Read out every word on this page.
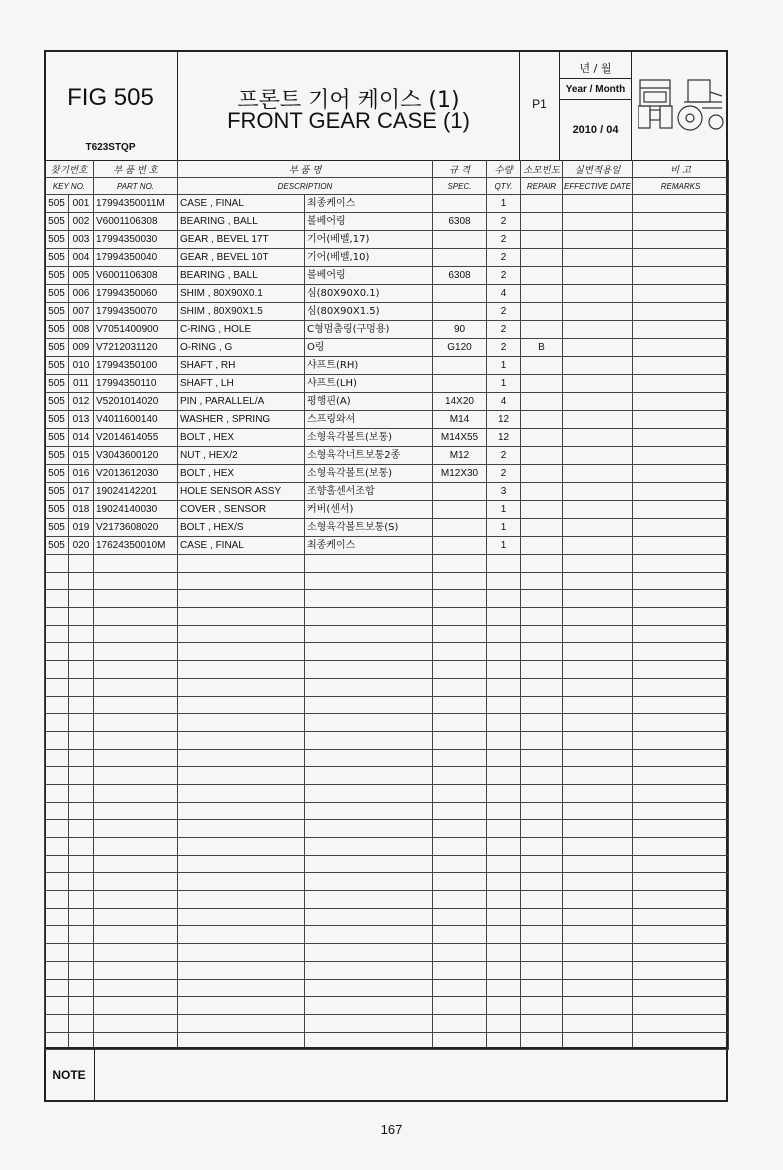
FIG 505
T623STQP
프론트 기어 케이스 (1)
FRONT GEAR CASE (1)
P1
년 / 월
Year / Month
2010 / 04
찾기번호		부 품 번 호	부 품 명		규 격	수량	소모빈도	실번적용일	비 고
KEY NO.		PART NO.	DESCRIPTION		SPEC.	QTY.	REPAIR	EFFECTIVE DATE	REMARKS
505	001	17994350011M	CASE , FINAL	최종케이스		1			
505	002	V6001106308	BEARING , BALL	볼베어링	6308	2			
505	003	17994350030	GEAR , BEVEL 17T	기어(베벨,17)		2			
505	004	17994350040	GEAR , BEVEL 10T	기어(베벨,10)		2			
505	005	V6001106308	BEARING , BALL	볼베어링	6308	2			
505	006	17994350060	SHIM , 80X90X0.1	심(80X90X0.1)		4			
505	007	17994350070	SHIM , 80X90X1.5	심(80X90X1.5)		2			
505	008	V7051400900	C-RING , HOLE	C형멈춤링(구멍용)	90	2			
505	009	V7212031120	O-RING , G	O링	G120	2	B		
505	010	17994350100	SHAFT , RH	샤프트(RH)		1			
505	011	17994350110	SHAFT , LH	샤프트(LH)		1			
505	012	V5201014020	PIN , PARALLEL/A	평행핀(A)	14X20	4			
505	013	V4011600140	WASHER , SPRING	스프링와셔	M14	12			
505	014	V2014614055	BOLT , HEX	소형육각볼트(보통)	M14X55	12			
505	015	V3043600120	NUT , HEX/2	소형육각너트보통2종	M12	2			
505	016	V2013612030	BOLT , HEX	소형육각볼트(보통)	M12X30	2			
505	017	19024142201	HOLE SENSOR ASSY	조향홀센서조합		3			
505	018	19024140030	COVER , SENSOR	커버(센서)		1			
505	019	V2173608020	BOLT , HEX/S	소형육각볼트보통(S)		1			
505	020	17624350010M	CASE , FINAL	최종케이스		1			

NOTE
167
